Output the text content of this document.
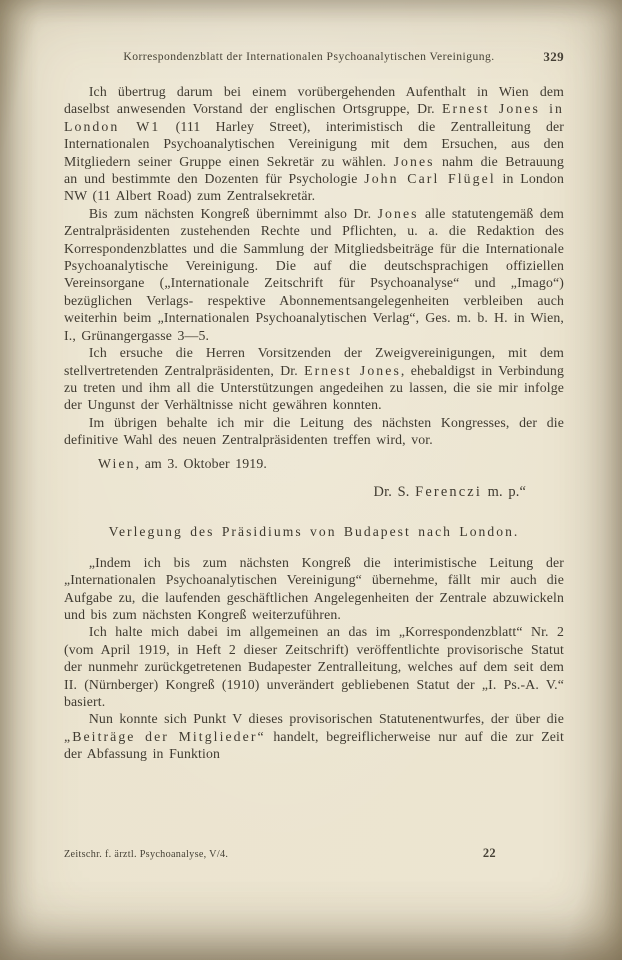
Korrespondenzblatt der Internationalen Psychoanalytischen Vereinigung.	329
Ich übertrug darum bei einem vorübergehenden Aufenthalt in Wien dem daselbst anwesenden Vorstand der englischen Ortsgruppe, Dr. Ernest Jones in London W1 (111 Harley Street), interimistisch die Zentralleitung der Internationalen Psychoanalytischen Vereinigung mit dem Ersuchen, aus den Mitgliedern seiner Gruppe einen Sekretär zu wählen. Jones nahm die Betrauung an und bestimmte den Dozenten für Psychologie John Carl Flügel in London NW (11 Albert Road) zum Zentralsekretär.
Bis zum nächsten Kongreß übernimmt also Dr. Jones alle statutengemäß dem Zentralpräsidenten zustehenden Rechte und Pflichten, u. a. die Redaktion des Korrespondenzblattes und die Sammlung der Mitgliedsbeiträge für die Internationale Psychoanalytische Vereinigung. Die auf die deutschsprachigen offiziellen Vereinsorgane („Internationale Zeitschrift für Psychoanalyse“ und „Imago“) bezüglichen Verlags- respektive Abonnementsangelegenheiten verbleiben auch weiterhin beim „Internationalen Psychoanalytischen Verlag“, Ges. m. b. H. in Wien, I., Grünangergasse 3—5.
Ich ersuche die Herren Vorsitzenden der Zweigvereinigungen, mit dem stellvertretenden Zentralpräsidenten, Dr. Ernest Jones, ehebaldigst in Verbindung zu treten und ihm all die Unterstützungen angedeihen zu lassen, die sie mir infolge der Ungunst der Verhältnisse nicht gewähren konnten.
Im übrigen behalte ich mir die Leitung des nächsten Kongresses, der die definitive Wahl des neuen Zentralpräsidenten treffen wird, vor.
Wien, am 3. Oktober 1919.
Dr. S. Ferenczi m. p.“
Verlegung des Präsidiums von Budapest nach London.
„Indem ich bis zum nächsten Kongreß die interimistische Leitung der „Internationalen Psychoanalytischen Vereinigung“ übernehme, fällt mir auch die Aufgabe zu, die laufenden geschäftlichen Angelegenheiten der Zentrale abzuwickeln und bis zum nächsten Kongreß weiterzuführen.
Ich halte mich dabei im allgemeinen an das im „Korrespondenzblatt“ Nr. 2 (vom April 1919, in Heft 2 dieser Zeitschrift) veröffentlichte provisorische Statut der nunmehr zurückgetretenen Budapester Zentralleitung, welches auf dem seit dem II. (Nürnberger) Kongreß (1910) unverändert gebliebenen Statut der „I. Ps.-A. V.“ basiert.
Nun konnte sich Punkt V dieses provisorischen Statutenentwurfes, der über die „Beiträge der Mitglieder“ handelt, begreiflicherweise nur auf die zur Zeit der Abfassung in Funktion
Zeitschr. f. ärztl. Psychoanalyse, V/4.	22
